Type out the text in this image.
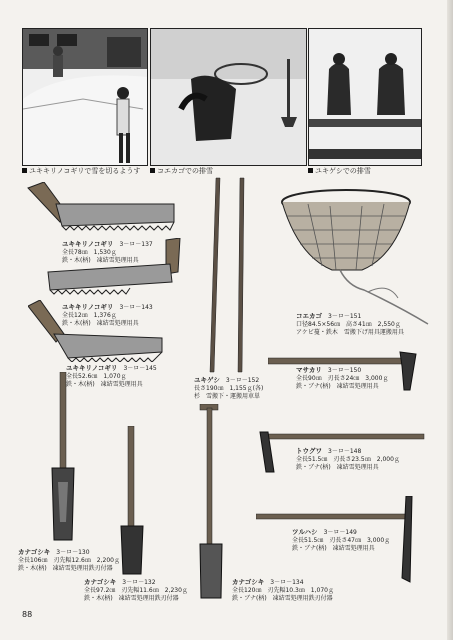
ユキキリノコギリで雪を切るようす	コエカゴでの排雪	ユキゲシでの排雪
ユキキリノコギリ　 3－ロ－137
全長78㎝　1,530ｇ
鉄・木(柄)　凍結雪処理用具
ユキキリノコギリ　 3－ロ－143
全長12㎝　1,376ｇ
鉄・木(柄)　凍結雪処理用具
ユキキリノコギリ　 3－ロ－145
全長52.6㎝　1,070ｇ
鉄・木(柄)　凍結雪処理用具
ユキゲシ　 3－ロ－152
長さ190㎝　1,155ｇ(各)
杉　雪搬下・運搬用車単
コエカゴ　 3－ロ－151
口径84.5×56㎝　高さ41㎝　2,550ｇ
アケビ蔓・鉄木　雪搬下げ用具運搬用具
マサカリ　 3－ロ－150
全長90㎝　刃長さ24㎝　3,000ｇ
鉄・ブナ(柄)　凍結雪処理用具
トウグワ　 3－ロ－148
全長51.5㎝　刃長さ23.5㎝　2,000ｇ
鉄・ブナ(柄)　凍結雪処理用具
ツルハシ　 3－ロ－149
全長51.5㎝　刃長さ47㎝　3,000ｇ
鉄・ブナ(柄)　凍結雪処理用具
カナゴシキ　 3－ロ－130
全長106㎝　刃先幅12.6㎝　2,200ｇ
鉄・木(柄)　凍結雪処理用鉄刃付器
カナゴシキ　 3－ロ－132
全長97.2㎝　刃先幅11.6㎝　2,230ｇ
鉄・木(柄)　凍結雪処理用鉄刃付器
カナゴシキ　 3－ロ－134
全長120㎝　刃先幅10.3㎝　1,070ｇ
鉄・ブナ(柄)　凍結雪処理用鉄刃付器
88
